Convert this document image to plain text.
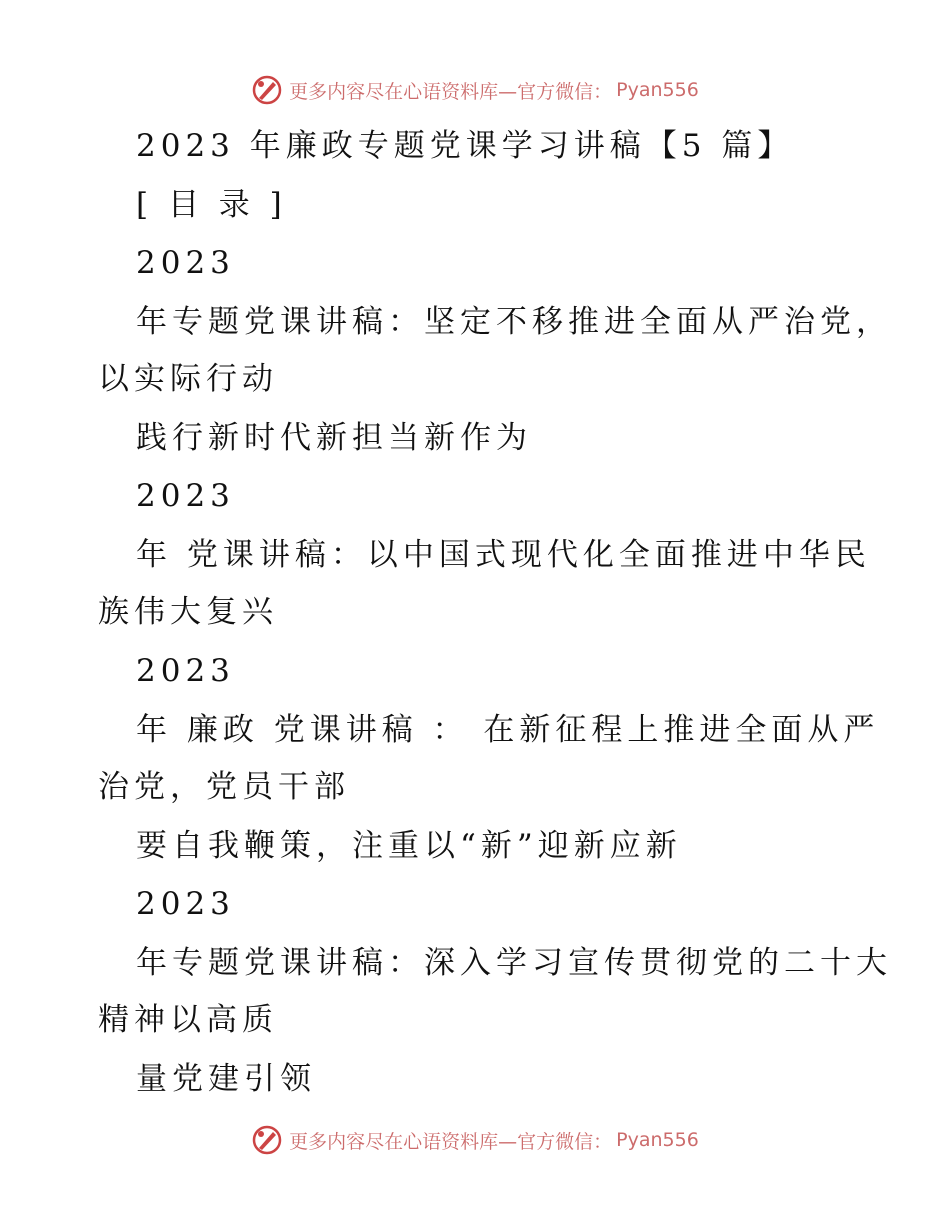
更多内容尽在心语资料库—官方微信： Pyan556
2023 年廉政专题党课学习讲稿【5 篇】
[ 目 录 ]
2023
年专题党课讲稿：坚定不移推进全面从严治党，
以实际行动
践行新时代新担当新作为
2023
年 党课讲稿：以中国式现代化全面推进中华民
族伟大复兴
2023
年 廉政 党课讲稿 ： 在新征程上推进全面从严
治党，党员干部
要自我鞭策，注重以“新”迎新应新
2023
年专题党课讲稿：深入学习宣传贯彻党的二十大
精神以高质
量党建引领
更多内容尽在心语资料库—官方微信： Pyan556
